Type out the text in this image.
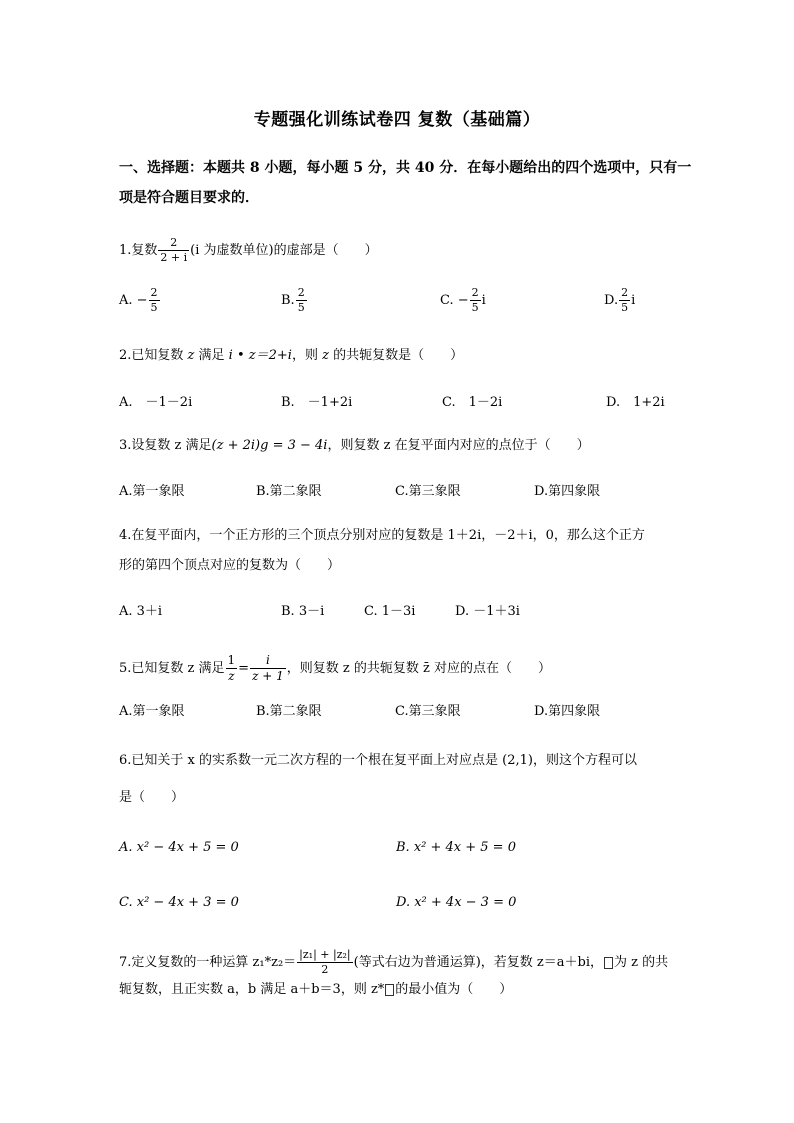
专题强化训练试卷四 复数（基础篇）
一、选择题：本题共 8 小题，每小题 5 分，共 40 分．在每小题给出的四个选项中，只有一
项是符合题目要求的．
1.复数 $\frac{2}{2 + i} (i$ 为虚数单位)的虚部是（　　）
A. − $\frac{2}{5}$	B. $\frac{2}{5}$	C. − $\frac{2}{5}$ i	D. $\frac{2}{5}$ i
2.已知复数 z 满足 i • z＝2+i，则 z 的共轭复数是（　　）
A.　－1－2i	B.　－1+2i	C.　1－2i	D.　1+2i
3.设复数 z 满足(z + 2i)g = 3 − 4i，则复数 z 在复平面内对应的点位于（　　）
A.第一象限	B.第二象限	C.第三象限	D.第四象限
4.在复平面内，一个正方形的三个顶点分别对应的复数是 1＋2i，－2＋i，0，那么这个正方
形的第四个顶点对应的复数为（　　）
A. 3＋i	B. 3－i	C. 1－3i	D. －1＋3i
5.已知复数 z 满足 $\frac{1}{z} = \frac{i}{z + 1}$ ，则复数 z 的共轭复数 z̄ 对应的点在（　　）
A.第一象限	B.第二象限	C.第三象限	D.第四象限
6.已知关于 x 的实系数一元二次方程的一个根在复平面上对应点是 (2,1)，则这个方程可以
是（　　）
A. x² − 4x + 5 = 0	B. x² + 4x + 5 = 0
C. x² − 4x + 3 = 0	D. x² + 4x − 3 = 0
7.定义复数的一种运算 $z_1*z_2= \frac{\text{|z₁| + |z₂|}}{2}$ (等式右边为普通运算)，若复数 z＝a＋bi， 为 z 的共
轭复数，且正实数 a，b 满足 a＋b＝3，则 z* 的最小值为（　　）
